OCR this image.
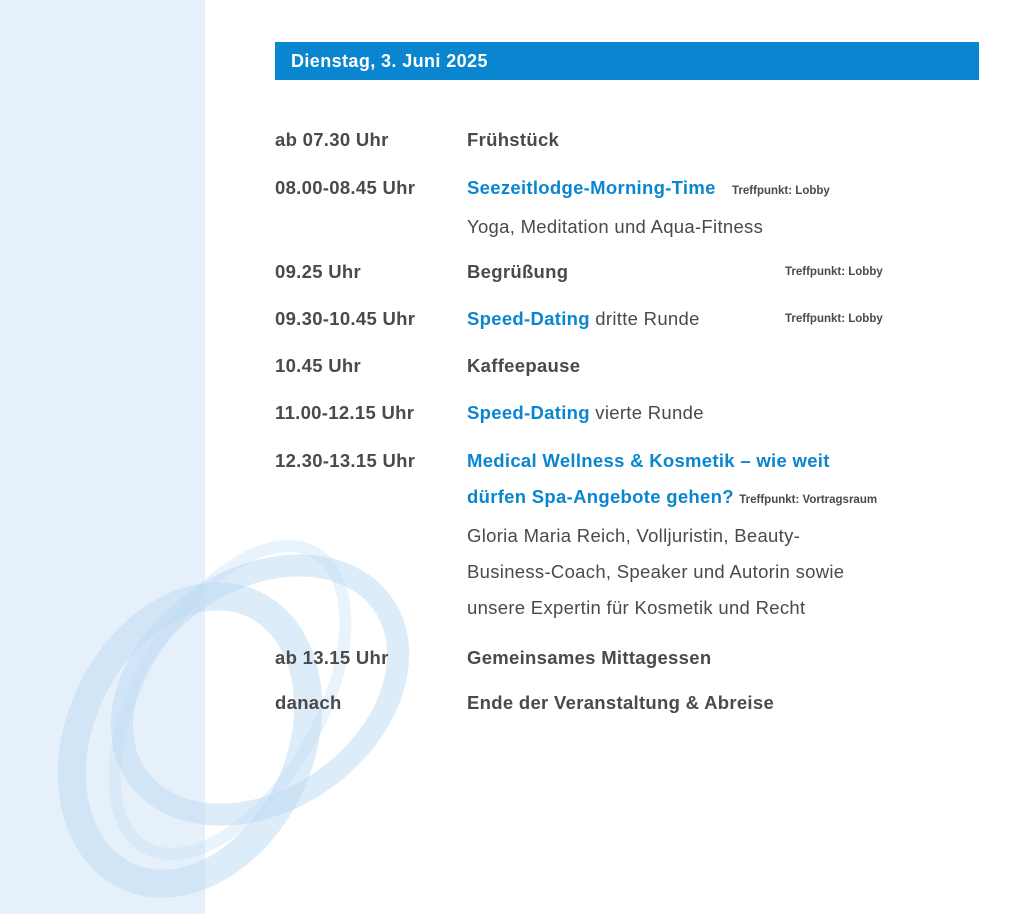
Dienstag, 3. Juni 2025
ab 07.30 Uhr	Frühstück
08.00-08.45 Uhr	Seezeitlodge-Morning-Time Treffpunkt: Lobby
Yoga, Meditation und Aqua-Fitness
09.25 Uhr	Begrüßung	Treffpunkt: Lobby
09.30-10.45 Uhr	Speed-Dating dritte Runde	Treffpunkt: Lobby
10.45 Uhr	Kaffeepause
11.00-12.15 Uhr	Speed-Dating vierte Runde
12.30-13.15 Uhr	Medical Wellness & Kosmetik – wie weit
dürfen Spa-Angebote gehen? Treffpunkt: Vortragsraum
Gloria Maria Reich, Volljuristin, Beauty-
Business-Coach, Speaker und Autorin sowie
unsere Expertin für Kosmetik und Recht
ab 13.15 Uhr	Gemeinsames Mittagessen
danach	Ende der Veranstaltung & Abreise
